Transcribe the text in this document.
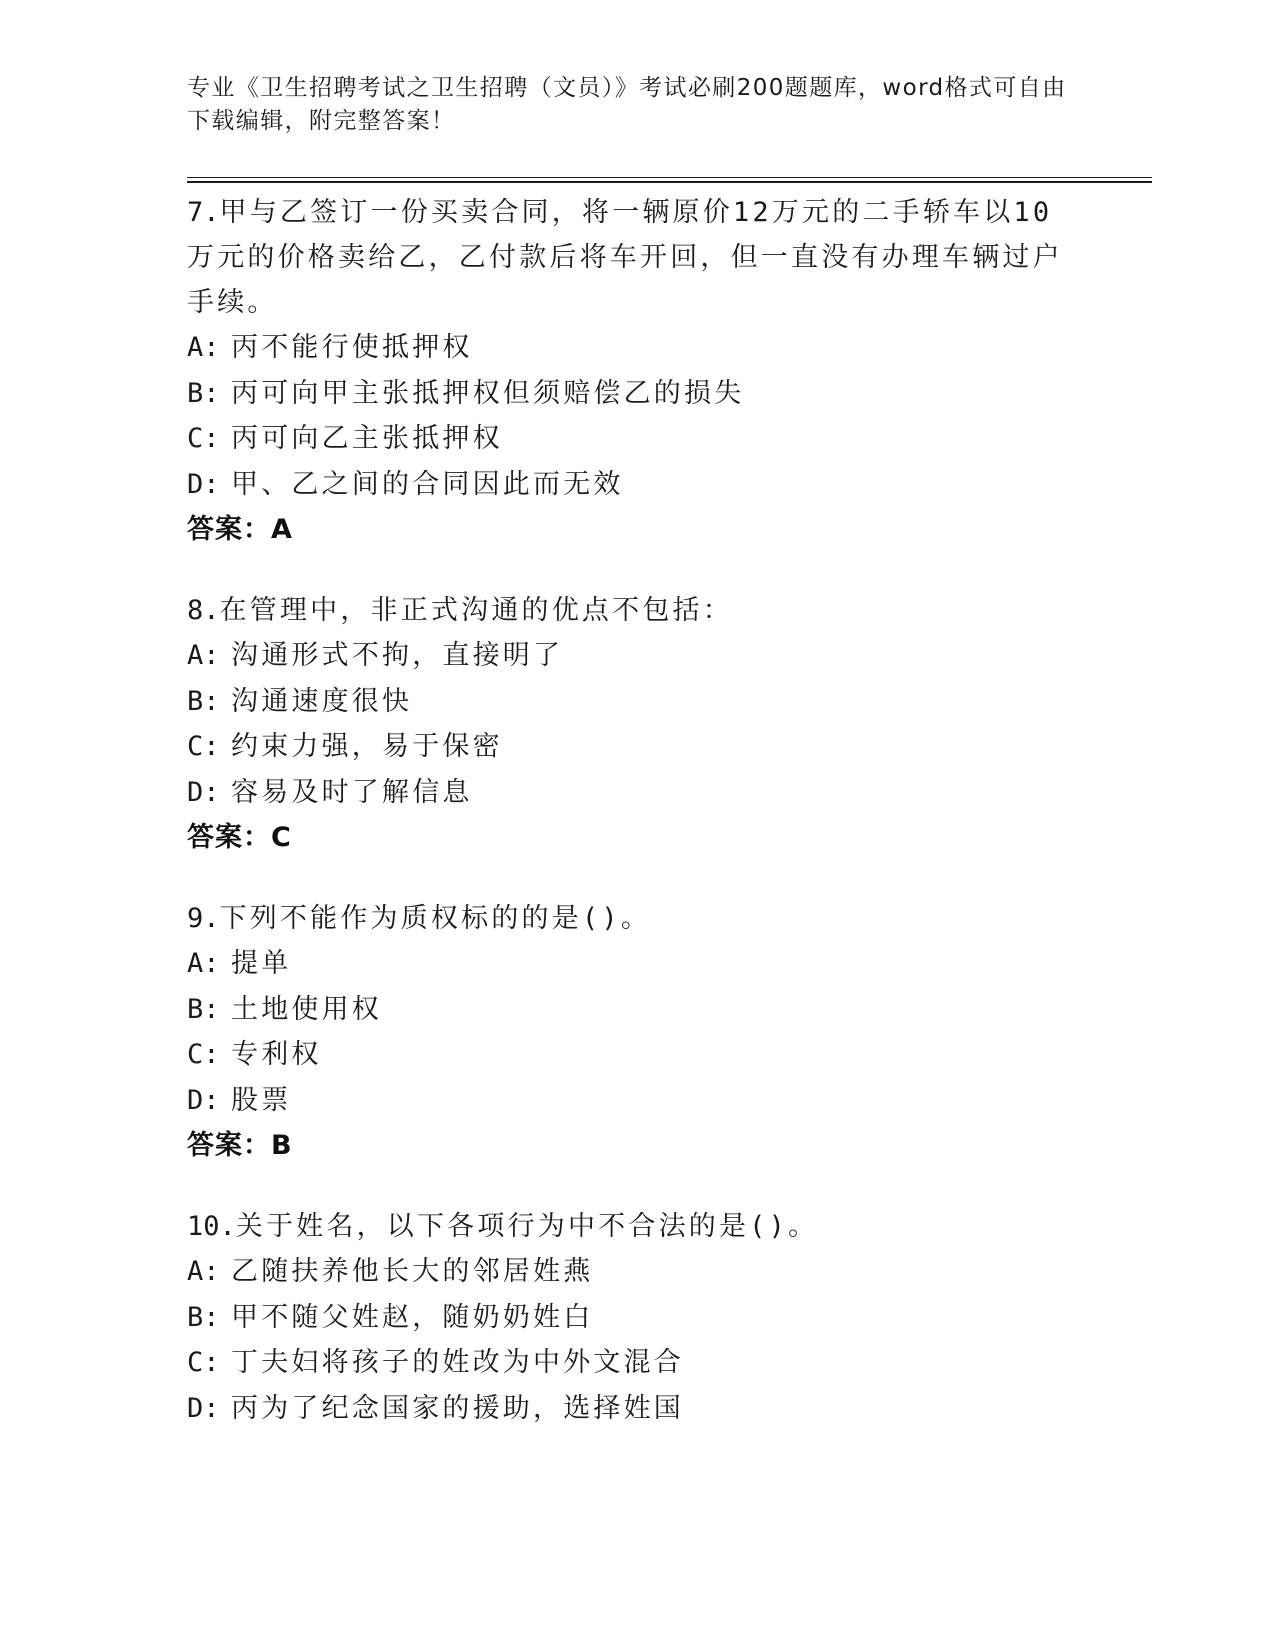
专业《卫生招聘考试之卫生招聘（文员）》考试必刷200题题库，word格式可自由下载编辑，附完整答案！
7.甲与乙签订一份买卖合同，将一辆原价12万元的二手轿车以10万元的价格卖给乙，乙付款后将车开回，但一直没有办理车辆过户手续。
A: 丙不能行使抵押权
B: 丙可向甲主张抵押权但须赔偿乙的损失
C: 丙可向乙主张抵押权
D: 甲、乙之间的合同因此而无效
答案：A
8.在管理中，非正式沟通的优点不包括：
A: 沟通形式不拘，直接明了
B: 沟通速度很快
C: 约束力强，易于保密
D: 容易及时了解信息
答案：C
9.下列不能作为质权标的的是()。
A: 提单
B: 土地使用权
C: 专利权
D: 股票
答案：B
10.关于姓名，以下各项行为中不合法的是()。
A: 乙随扶养他长大的邻居姓燕
B: 甲不随父姓赵，随奶奶姓白
C: 丁夫妇将孩子的姓改为中外文混合
D: 丙为了纪念国家的援助，选择姓国
